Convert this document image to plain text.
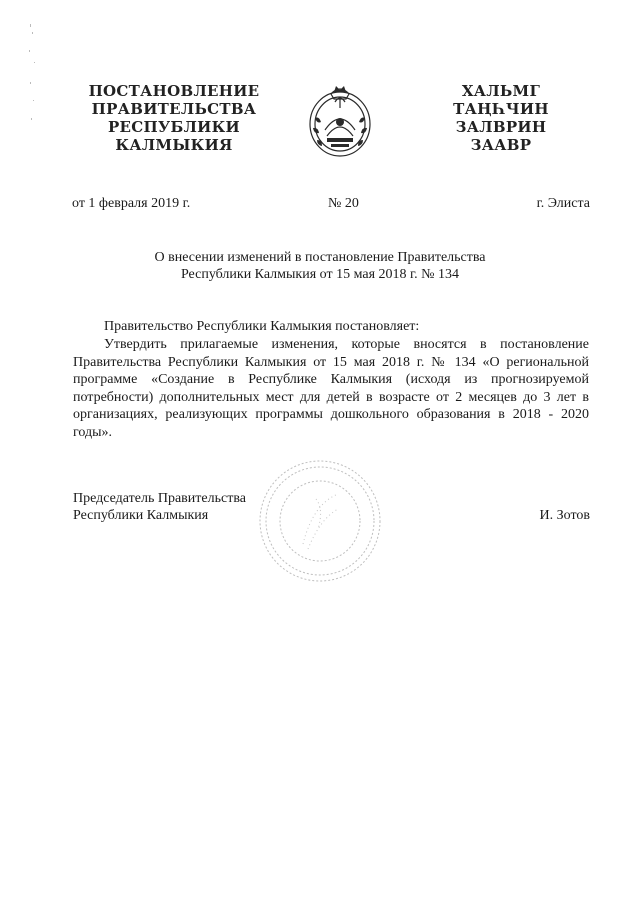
ПОСТАНОВЛЕНИЕ
ПРАВИТЕЛЬСТВА
РЕСПУБЛИКИ
КАЛМЫКИЯ
ХАЛЬМГ
ТАҢҺЧИН
ЗАЛВРИН
ЗААВР
от 1 февраля 2019 г.	№ 20	г. Элиста
О внесении изменений в постановление Правительства
Республики Калмыкия от 15 мая 2018 г. № 134
Правительство Республики Калмыкия постановляет:

Утвердить прилагаемые изменения, которые вносятся в постановление Правительства Республики Калмыкия от 15 мая 2018 г. № 134 «О региональной программе «Создание в Республике Калмыкия (исходя из прогнозируемой потребности) дополнительных мест для детей в возрасте от 2 месяцев до 3 лет в организациях, реализующих программы дошкольного образования в 2018 - 2020 годы».

Председатель Правительства
Республики Калмыкия	И. Зотов
